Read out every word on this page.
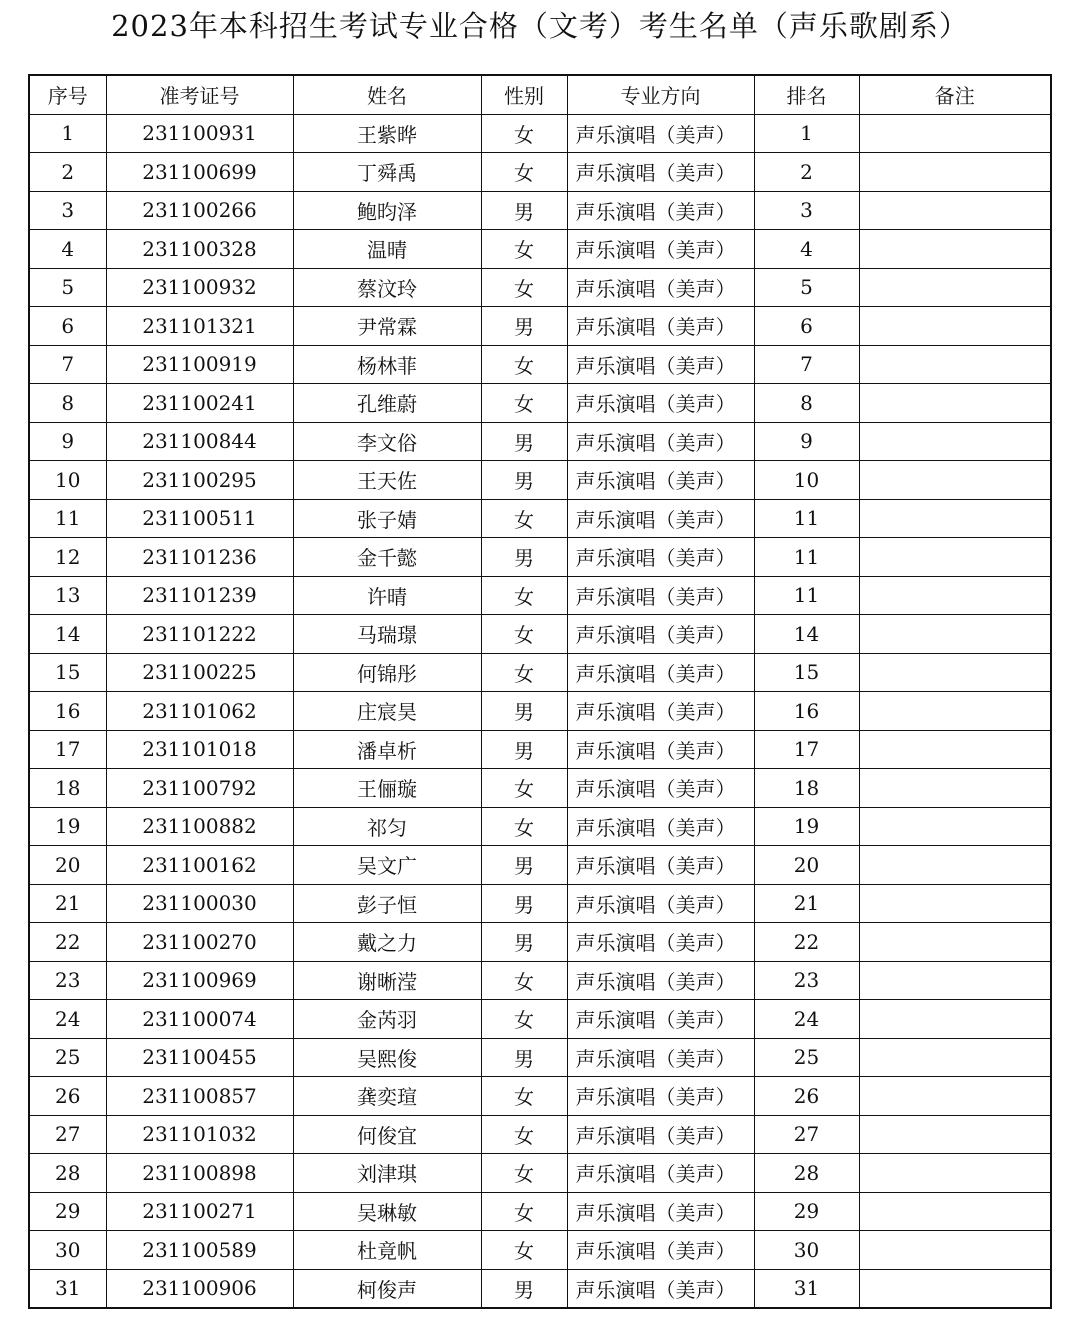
2023年本科招生考试专业合格（文考）考生名单（声乐歌剧系）
序号	准考证号	姓名	性别	专业方向	排名	备注
1	231100931	王紫晔	女	声乐演唱（美声）	1	
2	231100699	丁舜禹	女	声乐演唱（美声）	2	
3	231100266	鲍昀泽	男	声乐演唱（美声）	3	
4	231100328	温晴	女	声乐演唱（美声）	4	
5	231100932	蔡汶玲	女	声乐演唱（美声）	5	
6	231101321	尹常霖	男	声乐演唱（美声）	6	
7	231100919	杨林菲	女	声乐演唱（美声）	7	
8	231100241	孔维蔚	女	声乐演唱（美声）	8	
9	231100844	李文俗	男	声乐演唱（美声）	9	
10	231100295	王天佐	男	声乐演唱（美声）	10	
11	231100511	张子婧	女	声乐演唱（美声）	11	
12	231101236	金千懿	男	声乐演唱（美声）	11	
13	231101239	许晴	女	声乐演唱（美声）	11	
14	231101222	马瑞璟	女	声乐演唱（美声）	14	
15	231100225	何锦彤	女	声乐演唱（美声）	15	
16	231101062	庄宸昊	男	声乐演唱（美声）	16	
17	231101018	潘卓析	男	声乐演唱（美声）	17	
18	231100792	王俪璇	女	声乐演唱（美声）	18	
19	231100882	祁匀	女	声乐演唱（美声）	19	
20	231100162	吴文广	男	声乐演唱（美声）	20	
21	231100030	彭子恒	男	声乐演唱（美声）	21	
22	231100270	戴之力	男	声乐演唱（美声）	22	
23	231100969	谢晰滢	女	声乐演唱（美声）	23	
24	231100074	金芮羽	女	声乐演唱（美声）	24	
25	231100455	吴熙俊	男	声乐演唱（美声）	25	
26	231100857	龚奕瑄	女	声乐演唱（美声）	26	
27	231101032	何俊宜	女	声乐演唱（美声）	27	
28	231100898	刘津琪	女	声乐演唱（美声）	28	
29	231100271	吴琳敏	女	声乐演唱（美声）	29	
30	231100589	杜竟帆	女	声乐演唱（美声）	30	
31	231100906	柯俊声	男	声乐演唱（美声）	31	
